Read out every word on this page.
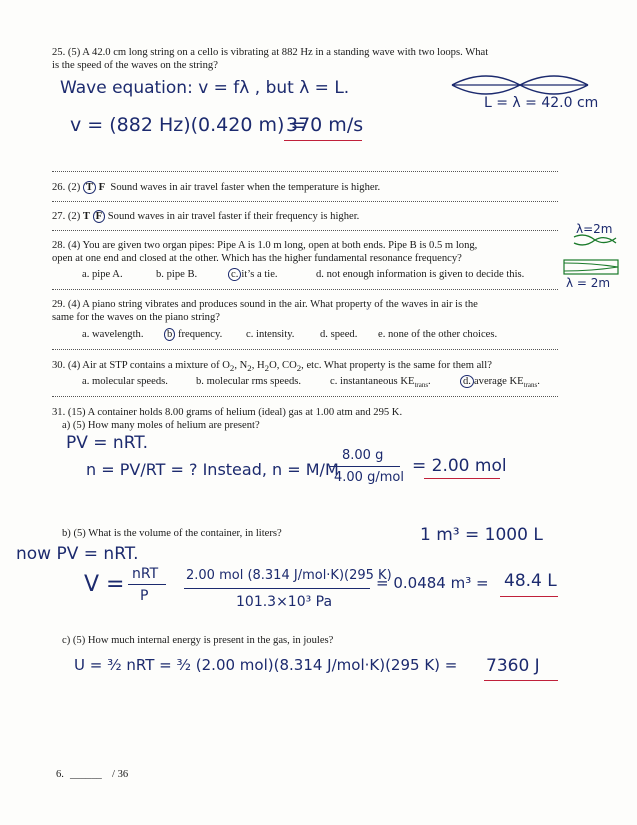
25. (5) A 42.0 cm long string on a cello is vibrating at 882 Hz in a standing wave with two loops. What
is the speed of the waves on the string?
Wave equation: v = fλ , but λ = L.
L = λ = 42.0 cm
v = (882 Hz)(0.420 m) =
370 m/s
26. (2) T F Sound waves in air travel faster when the temperature is higher.
27. (2) T F Sound waves in air travel faster if their frequency is higher.
λ=2m
28. (4) You are given two organ pipes: Pipe A is 1.0 m long, open at both ends. Pipe B is 0.5 m long,
open at one end and closed at the other. Which has the higher fundamental resonance frequency?
a. pipe A.	b. pipe B.	c. it’s a tie.	d. not enough information is given to decide this.
λ = 2m
29. (4) A piano string vibrates and produces sound in the air. What property of the waves in air is the
same for the waves on the piano string?
a. wavelength. b frequency. c. intensity. d. speed. e. none of the other choices.
30. (4) Air at STP contains a mixture of $O_2$, $N_2$, $H_2O$, $CO_2$, etc. What property is the same for them all?
a. molecular speeds.	b. molecular rms speeds.	c. instantaneous $KE_{trans}$.	d. average $KE_{trans}$.
31. (15) A container holds 8.00 grams of helium (ideal) gas at 1.00 atm and 295 K.
a) (5) How many moles of helium are present?
PV = nRT.
n = PV/RT = ? Instead, n = M/M
8.00 g
4.00 g/mol
= 2.00 mol
b) (5) What is the volume of the container, in liters?	1 m³ = 1000 L
now PV = nRT.
V = nRT
P
2.00 mol (8.314 J/mol·K)(295 K)
101.3×10³ Pa
= 0.0484 m³ = 48.4 L
c) (5) How much internal energy is present in the gas, in joules?
U = ³⁄₂ nRT = ³⁄₂ (2.00 mol)(8.314 J/mol·K)(295 K) = 7360 J
6. ______ / 36
